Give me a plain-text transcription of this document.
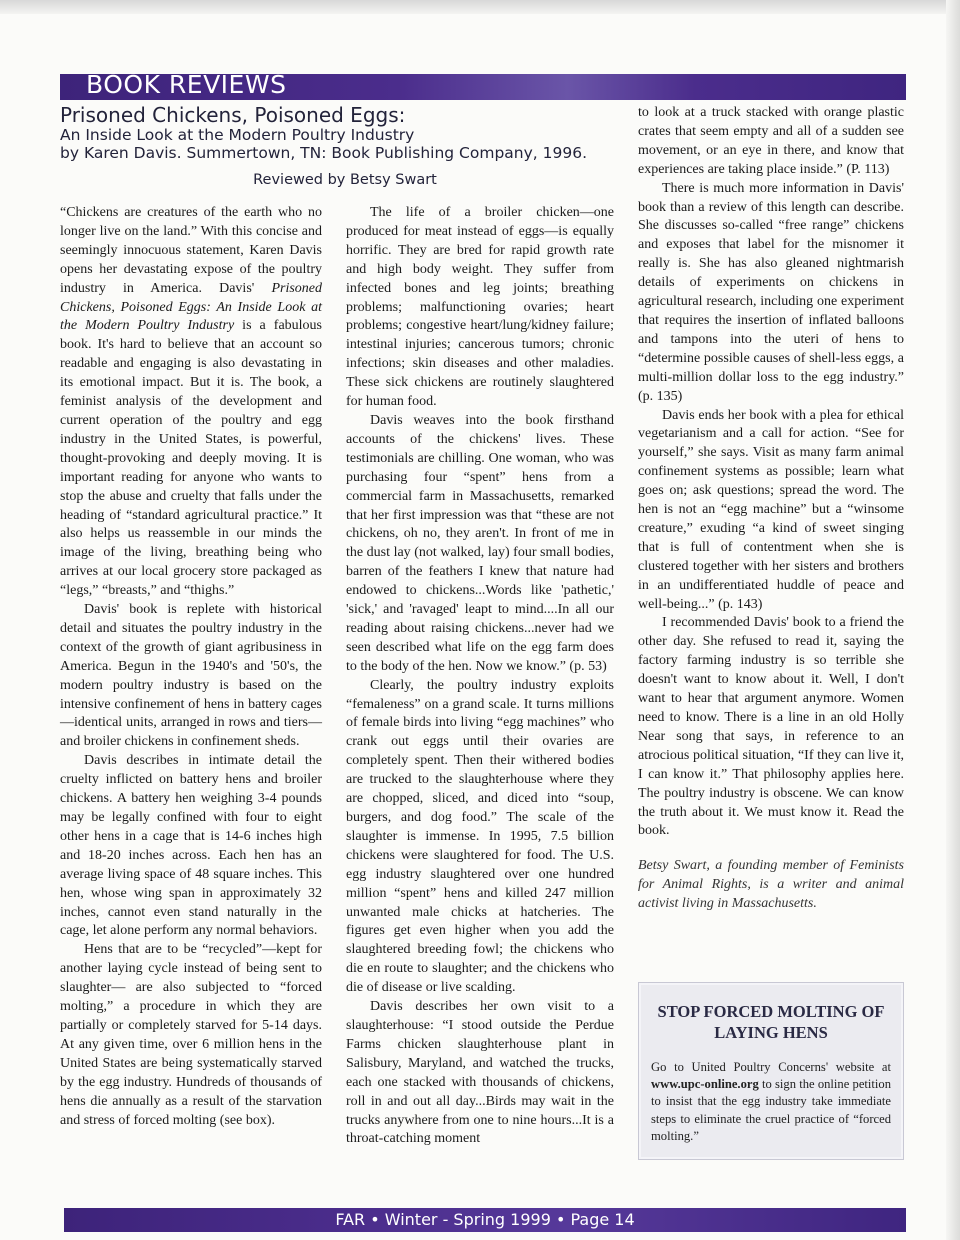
BOOK REVIEWS
Prisoned Chickens, Poisoned Eggs:
An Inside Look at the Modern Poultry Industry
by Karen Davis. Summertown, TN: Book Publishing Company, 1996.
Reviewed by Betsy Swart

“Chickens are creatures of the earth who no longer live on the land.” With this concise and seemingly innocuous statement, Karen Davis opens her devastating expose of the poultry industry in America. Davis' Prisoned Chickens, Poisoned Eggs: An Inside Look at the Modern Poultry Industry is a fabulous book. It's hard to believe that an account so readable and engaging is also devastating in its emotional impact. But it is. The book, a feminist analysis of the development and current operation of the poultry and egg industry in the United States, is powerful, thought-provoking and deeply moving. It is important reading for anyone who wants to stop the abuse and cruelty that falls under the heading of “standard agricultural practice.” It also helps us reassemble in our minds the image of the living, breathing being who arrives at our local grocery store packaged as “legs,” “breasts,” and “thighs.”

Davis' book is replete with historical detail and situates the poultry industry in the context of the growth of giant agribusiness in America. Begun in the 1940's and '50's, the modern poultry industry is based on the intensive confinement of hens in battery cages—identical units, arranged in rows and tiers—and broiler chickens in confinement sheds.

Davis describes in intimate detail the cruelty inflicted on battery hens and broiler chickens. A battery hen weighing 3-4 pounds may be legally confined with four to eight other hens in a cage that is 14-6 inches high and 18-20 inches across. Each hen has an average living space of 48 square inches. This hen, whose wing span in approximately 32 inches, cannot even stand naturally in the cage, let alone perform any normal behaviors.

Hens that are to be “recycled”—kept for another laying cycle instead of being sent to slaughter— are also subjected to “forced molting,” a procedure in which they are partially or completely starved for 5-14 days. At any given time, over 6 million hens in the United States are being systematically starved by the egg industry. Hundreds of thousands of hens die annually as a result of the starvation and stress of forced molting (see box).

The life of a broiler chicken—one produced for meat instead of eggs—is equally horrific. They are bred for rapid growth rate and high body weight. They suffer from infected bones and leg joints; breathing problems; malfunctioning ovaries; heart problems; congestive heart/lung/kidney failure; intestinal injuries; cancerous tumors; chronic infections; skin diseases and other maladies. These sick chickens are routinely slaughtered for human food.

Davis weaves into the book firsthand accounts of the chickens' lives. These testimonials are chilling. One woman, who was purchasing four “spent” hens from a commercial farm in Massachusetts, remarked that her first impression was that “these are not chickens, oh no, they aren't. In front of me in the dust lay (not walked, lay) four small bodies, barren of the feathers I knew that nature had endowed to chickens...Words like 'pathetic,' 'sick,' and 'ravaged' leapt to mind....In all our reading about raising chickens...never had we seen described what life on the egg farm does to the body of the hen. Now we know.” (p. 53)

Clearly, the poultry industry exploits “femaleness” on a grand scale. It turns millions of female birds into living “egg machines” who crank out eggs until their ovaries are completely spent. Then their withered bodies are trucked to the slaughterhouse where they are chopped, sliced, and diced into “soup, burgers, and dog food.” The scale of the slaughter is immense. In 1995, 7.5 billion chickens were slaughtered for food. The U.S. egg industry slaughtered over one hundred million “spent” hens and killed 247 million unwanted male chicks at hatcheries. The figures get even higher when you add the slaughtered breeding fowl; the chickens who die en route to slaughter; and the chickens who die of disease or live scalding.

Davis describes her own visit to a slaughterhouse: “I stood outside the Perdue Farms chicken slaughterhouse plant in Salisbury, Maryland, and watched the trucks, each one stacked with thousands of chickens, roll in and out all day...Birds may wait in the trucks anywhere from one to nine hours...It is a throat-catching moment

to look at a truck stacked with orange plastic crates that seem empty and all of a sudden see movement, or an eye in there, and know that experiences are taking place inside.” (P. 113)

There is much more information in Davis' book than a review of this length can describe. She discusses so-called “free range” chickens and exposes that label for the misnomer it really is. She has also gleaned nightmarish details of experiments on chickens in agricultural research, including one experiment that requires the insertion of inflated balloons and tampons into the uteri of hens to “determine possible causes of shell-less eggs, a multi-million dollar loss to the egg industry.” (p. 135)

Davis ends her book with a plea for ethical vegetarianism and a call for action. “See for yourself,” she says. Visit as many farm animal confinement systems as possible; learn what goes on; ask questions; spread the word. The hen is not an “egg machine” but a “winsome creature,” exuding “a kind of sweet singing that is full of contentment when she is clustered together with her sisters and brothers in an undifferentiated huddle of peace and well-being...” (p. 143)

I recommended Davis' book to a friend the other day. She refused to read it, saying the factory farming industry is so terrible she doesn't want to know about it. Well, I don't want to hear that argument anymore. Women need to know. There is a line in an old Holly Near song that says, in reference to an atrocious political situation, “If they can live it, I can know it.” That philosophy applies here. The poultry industry is obscene. We can know the truth about it. We must know it. Read the book.

Betsy Swart, a founding member of Feminists for Animal Rights, is a writer and animal activist living in Massachusetts.

STOP FORCED MOLTING OF LAYING HENS
Go to United Poultry Concerns' website at www.upc-online.org to sign the online petition to insist that the egg industry take immediate steps to eliminate the cruel practice of “forced molting.”
FAR • Winter - Spring 1999 • Page 14
